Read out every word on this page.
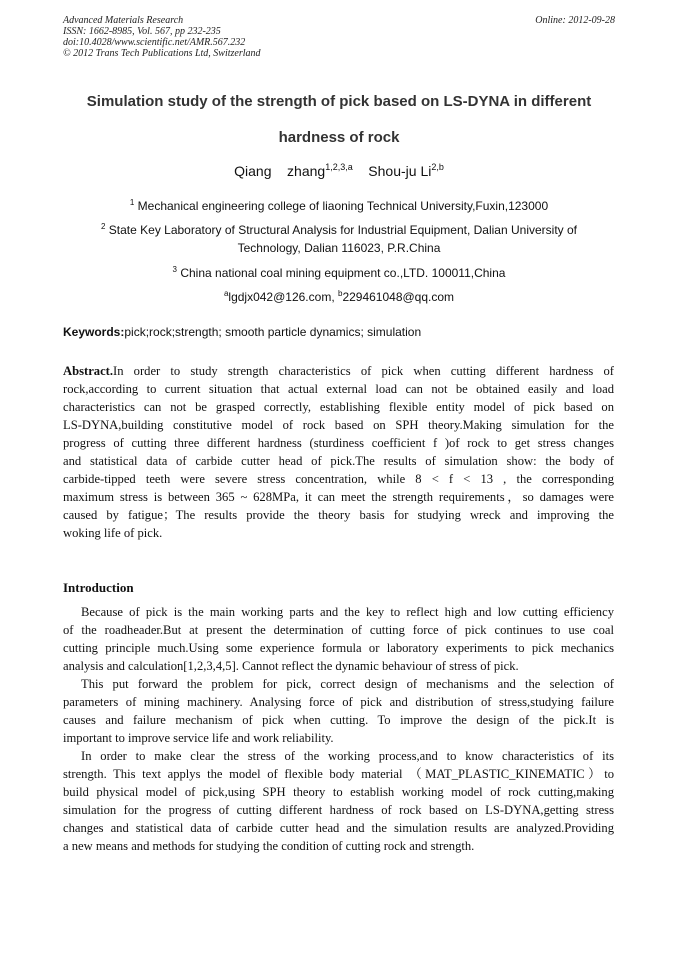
Advanced Materials Research
ISSN: 1662-8985, Vol. 567, pp 232-235
doi:10.4028/www.scientific.net/AMR.567.232
© 2012 Trans Tech Publications Ltd, Switzerland
Online: 2012-09-28
Simulation study of the strength of pick based on LS-DYNA in different
hardness of rock
Qiang    zhang$^{1,2,3,a}$ Shou-ju Li$^{2,b}$
$^1$ Mechanical engineering college of liaoning Technical University,Fuxin,123000
$^2$ State Key Laboratory of Structural Analysis for Industrial Equipment, Dalian University of
Technology, Dalian 116023, P.R.China
$^3$ China national coal mining equipment co.,LTD. 100011,China
$^a$lgdjx042@126.com, $^b$229461048@qq.com
Keywords:pick;rock;strength; smooth particle dynamics; simulation
Abstract.In order to study strength characteristics of pick when cutting different hardness of
rock,according to current situation that actual external load can not be obtained easily and load
characteristics can not be grasped correctly, establishing flexible entity model of pick based on
LS-DYNA,building constitutive model of rock based on SPH theory.Making simulation for the
progress of cutting three different hardness (sturdiness coefficient f )of rock to get stress changes
and statistical data of carbide cutter head of pick.The results of simulation show: the body of
carbide-tipped teeth were severe stress concentration, while 8 < f < 13 , the corresponding
maximum stress is between 365 ~ 628MPa, it can meet the strength requirements，so damages were
caused by fatigue；The results provide the theory basis for studying wreck and improving the
woking life of pick.
Introduction
Because of pick is the main working parts and the key to reflect high and low cutting efficiency
of the roadheader.But at present the determination of cutting force of pick continues to use coal
cutting principle much.Using some experience formula or laboratory experiments to pick mechanics
analysis and calculation[1,2,3,4,5]. Cannot reflect the dynamic behaviour of stress of pick.
This put forward the problem for pick, correct design of mechanisms and the selection of
parameters of mining machinery. Analysing force of pick and distribution of stress,studying failure
causes and failure mechanism of pick when cutting. To improve the design of the pick.It is
important to improve service life and work reliability.
In order to make clear the stress of the working process,and to know characteristics of its
strength. This text applys the model of flexible body material （MAT_PLASTIC_KINEMATIC）to
build physical model of pick,using SPH theory to establish working model of rock cutting,making
simulation for the progress of cutting different hardness of rock based on LS-DYNA,getting stress
changes and statistical data of carbide cutter head and the simulation results are analyzed.Providing
a new means and methods for studying the condition of cutting rock and strength.
